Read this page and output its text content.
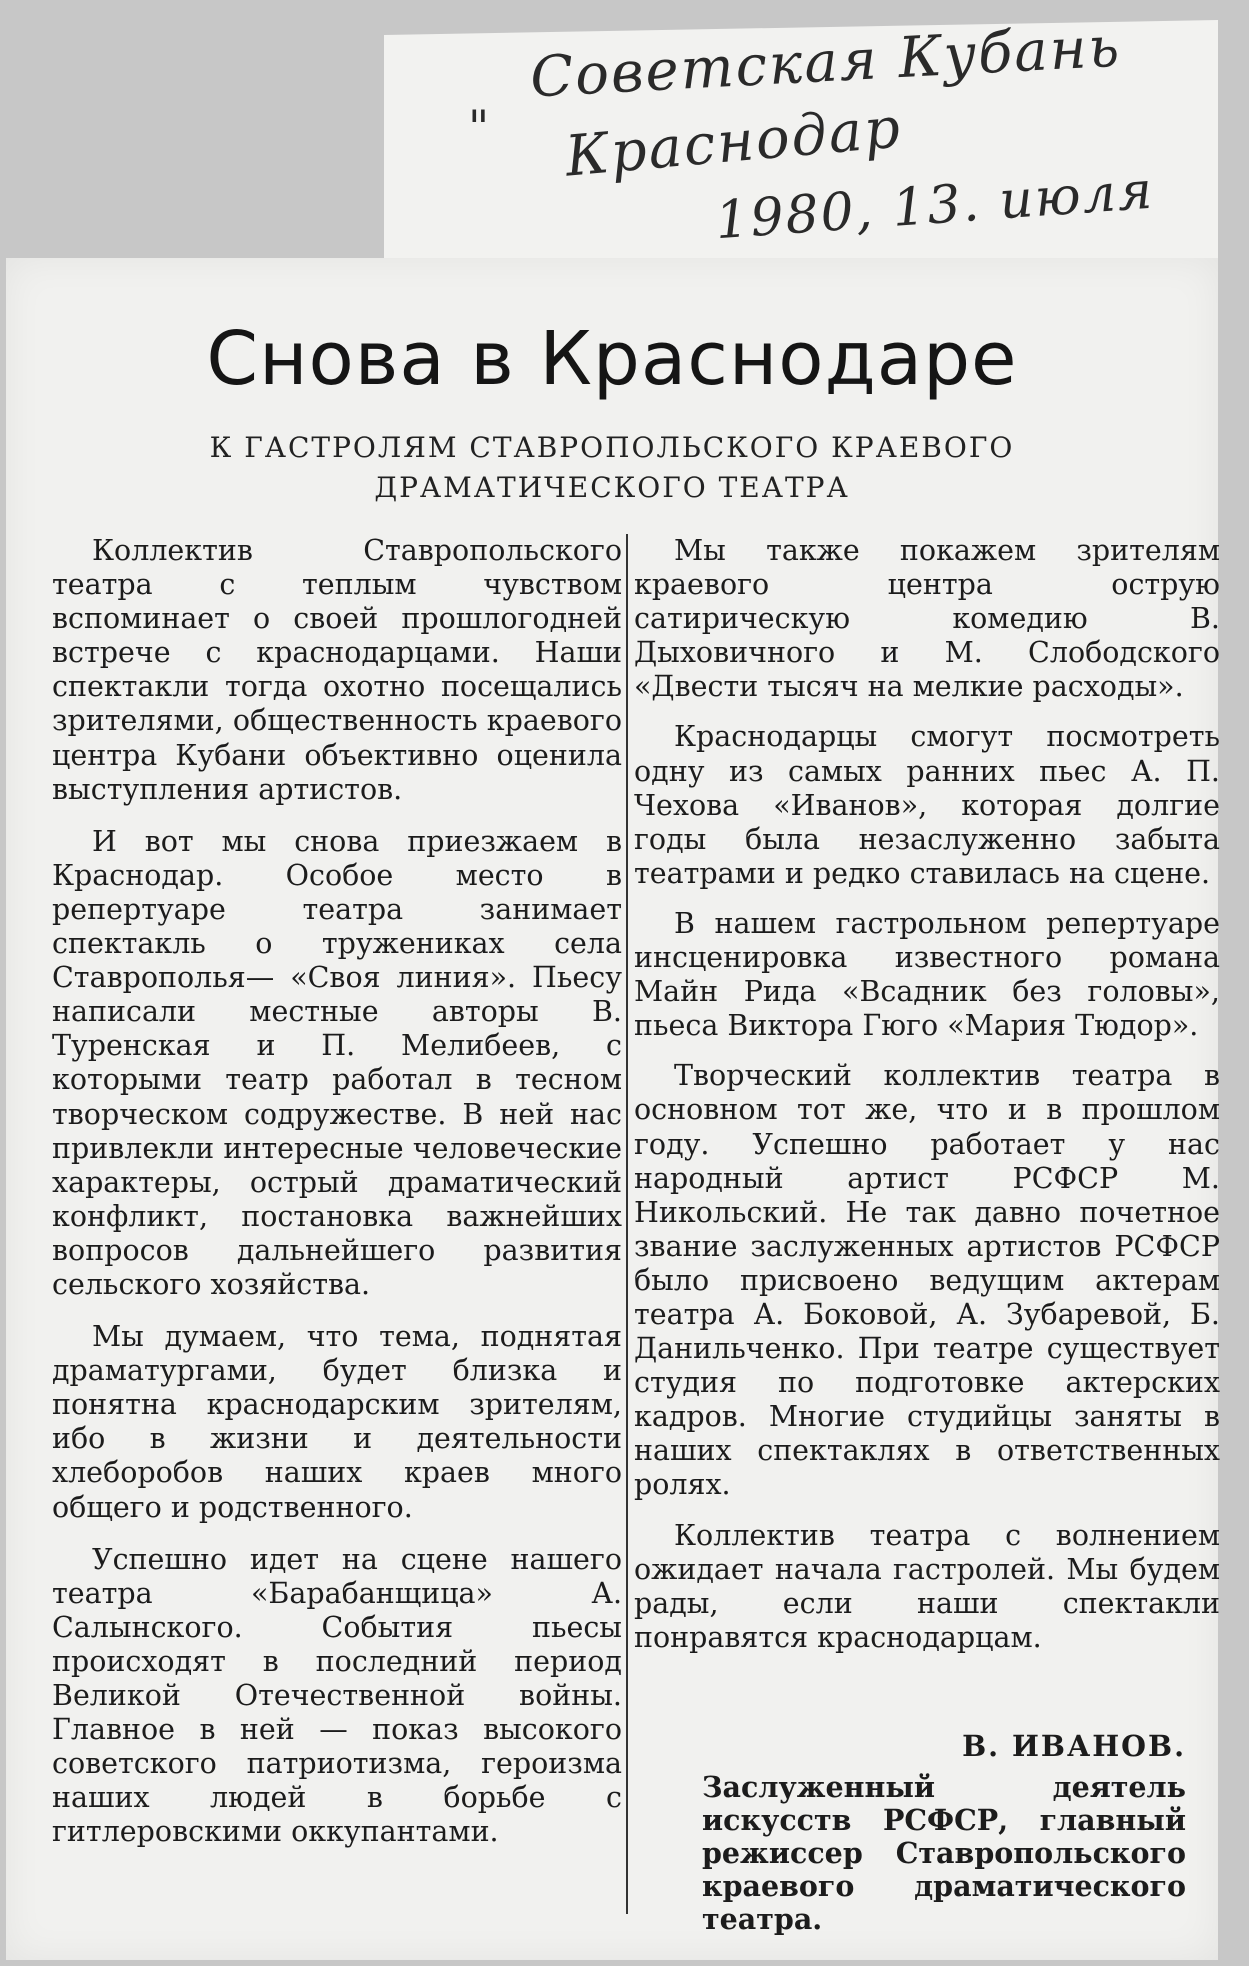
Советская Кубань
" Краснодар
1980, 13. июля
Снова в Краснодаре
К ГАСТРОЛЯМ СТАВРОПОЛЬСКОГО КРАЕВОГО
ДРАМАТИЧЕСКОГО ТЕАТРА

Коллектив Ставропольского театра с теплым чувством вспоминает о своей прошлогодней встрече с краснодарцами. Наши спектакли тогда охотно посещались зрителями, общественность краевого центра Кубани объективно оценила выступления артистов.

И вот мы снова приезжаем в Краснодар. Особое место в репертуаре театра занимает спектакль о тружениках села Ставрополья— «Своя линия». Пьесу написали местные авторы В. Туренская и П. Мелибеев, с которыми театр работал в тесном творческом содружестве. В ней нас привлекли интересные человеческие характеры, острый драматический конфликт, постановка важнейших вопросов дальнейшего развития сельского хозяйства.

Мы думаем, что тема, поднятая драматургами, будет близка и понятна краснодарским зрителям, ибо в жизни и деятельности хлеборобов наших краев много общего и родственного.

Успешно идет на сцене нашего театра «Барабанщица» А. Салынского. События пьесы происходят в последний период Великой Отечественной войны. Главное в ней — показ высокого советского патриотизма, героизма наших людей в борьбе с гитлеровскими оккупантами.

Мы также покажем зрителям краевого центра острую сатирическую комедию В. Дыховичного и М. Слободского «Двести тысяч на мелкие расходы».

Краснодарцы смогут посмотреть одну из самых ранних пьес А. П. Чехова «Иванов», которая долгие годы была незаслуженно забыта театрами и редко ставилась на сцене.

В нашем гастрольном репертуаре инсценировка известного романа Майн Рида «Всадник без головы», пьеса Виктора Гюго «Мария Тюдор».

Творческий коллектив театра в основном тот же, что и в прошлом году. Успешно работает у нас народный артист РСФСР М. Никольский. Не так давно почетное звание заслуженных артистов РСФСР было присвоено ведущим актерам театра А. Боковой, А. Зубаревой, Б. Данильченко. При театре существует студия по подготовке актерских кадров. Многие студийцы заняты в наших спектаклях в ответственных ролях.

Коллектив театра с волнением ожидает начала гастролей. Мы будем рады, если наши спектакли понравятся краснодарцам.

В. ИВАНОВ.

Заслуженный деятель искусств РСФСР, главный режиссер Ставропольского краевого драматического театра.
